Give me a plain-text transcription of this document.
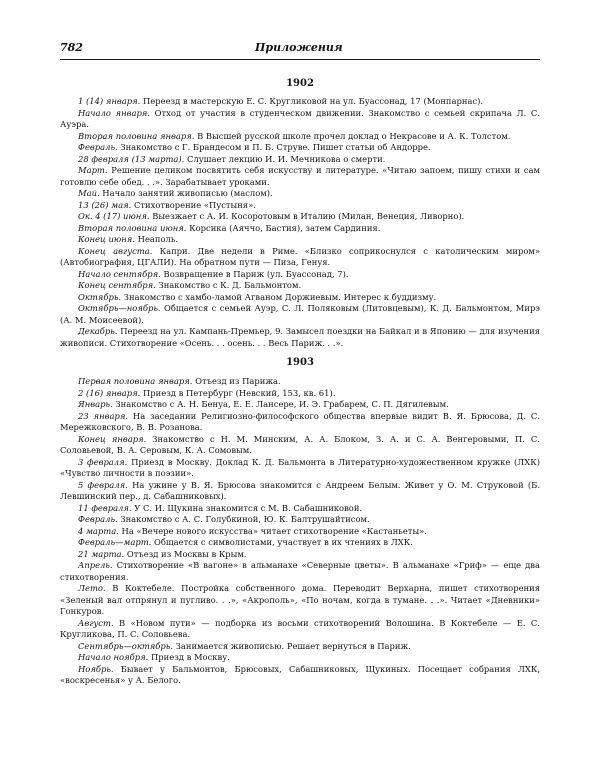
782	Приложения
1902

1 (14) января. Переезд в мастерскую Е. С. Кругликовой на ул. Буассонад, 17 (Монпарнас).

Начало января. Отход от участия в студенческом движении. Знакомство с семьей скрипача Л. С. Ауэра.

Вторая половина января. В Высшей русской школе прочел доклад о Некрасове и А. К. Толстом.

Февраль. Знакомство с Г. Брандесом и П. Б. Струве. Пишет статьи об Андорре.

28 февраля (13 марта). Слушает лекцию И. И. Мечникова о смерти.

Март. Решение целиком посвятить себя искусству и литературе. «Читаю запоем, пишу стихи и сам готовлю себе обед. . .». Зарабатывает уроками.

Май. Начало занятий живописью (маслом).

13 (26) мая. Стихотворение «Пустыня».

Ок. 4 (17) июня. Выезжает с А. И. Косоротовым в Италию (Милан, Венеция, Ливорно).

Вторая половина июня. Корсика (Аяччо, Бастия), затем Сардиния.

Конец июня. Неаполь.

Конец августа. Капри. Две недели в Риме. «Близко соприкоснулся с католическим миром» (Автобиография, ЦГАЛИ). На обратном пути — Пиза, Генуя.

Начало сентября. Возвращение в Париж (ул. Буассонад, 7).

Конец сентября. Знакомство с К. Д. Бальмонтом.

Октябрь. Знакомство с хамбо-ламой Агваном Доржиевым. Интерес к буддизму.

Октябрь—ноябрь. Общается с семьей Ауэр, С. Л. Поляковым (Литовцевым), К. Д. Бальмонтом, Мирэ (А. М. Моисеевой).

Декабрь. Переезд на ул. Кампань-Премьер, 9. Замысел поездки на Байкал и в Японию — для изучения живописи. Стихотворение «Осень. . . осень. . . Весь Париж. . .».

1903

Первая половина января. Отъезд из Парижа.

2 (16) января. Приезд в Петербург (Невский, 153, кв. 61).

Январь. Знакомство с А. Н. Бенуа, Е. Е. Лансере, И. Э. Грабарем, С. П. Дягилевым.

23 января. На заседании Религиозно-философского общества впервые видит В. Я. Брюсова, Д. С. Мережковского, В. В. Розанова.

Конец января. Знакомство с Н. М. Минским, А. А. Блоком, З. А. и С. А. Венгеровыми, П. С. Соловьевой, В. А. Серовым, К. А. Сомовым.

3 февраля. Приезд в Москву. Доклад К. Д. Бальмонта в Литературно-художественном кружке (ЛХК) «Чувство личности в поэзии».

5 февраля. На ужине у В. Я. Брюсова знакомится с Андреем Белым. Живет у О. М. Струковой (Б. Левшинский пер., д. Сабашниковых).

11 февраля. У С. И. Щукина знакомится с М. В. Сабашниковой.

Февраль. Знакомство с А. С. Голубкиной, Ю. К. Балтрушайтисом.

4 марта. На «Вечере нового искусства» читает стихотворение «Кастаньеты».

Февраль—март. Общается с символистами, участвует в их чтениях в ЛХК.

21 марта. Отъезд из Москвы в Крым.

Апрель. Стихотворение «В вагоне» в альманахе «Северные цветы». В альманахе «Гриф» — еще два стихотворения.

Лето. В Коктебеле. Постройка собственного дома. Переводит Верхарна, пишет стихотворения «Зеленый вал отпрянул и пугливо. . .», «Акрополь», «По ночам, когда в тумане. . .». Читает «Дневники» Гонкуров.

Август. В «Новом пути» — подборка из восьми стихотворений Волошина. В Коктебеле — Е. С. Кругликова, П. С. Соловьева.

Сентябрь—октябрь. Занимается живописью. Решает вернуться в Париж.

Начало ноября. Приезд в Москву.

Ноябрь. Бывает у Бальмонтов, Брюсовых, Сабашниковых, Щукиных. Посещает собрания ЛХК, «воскресенья» у А. Белого.
